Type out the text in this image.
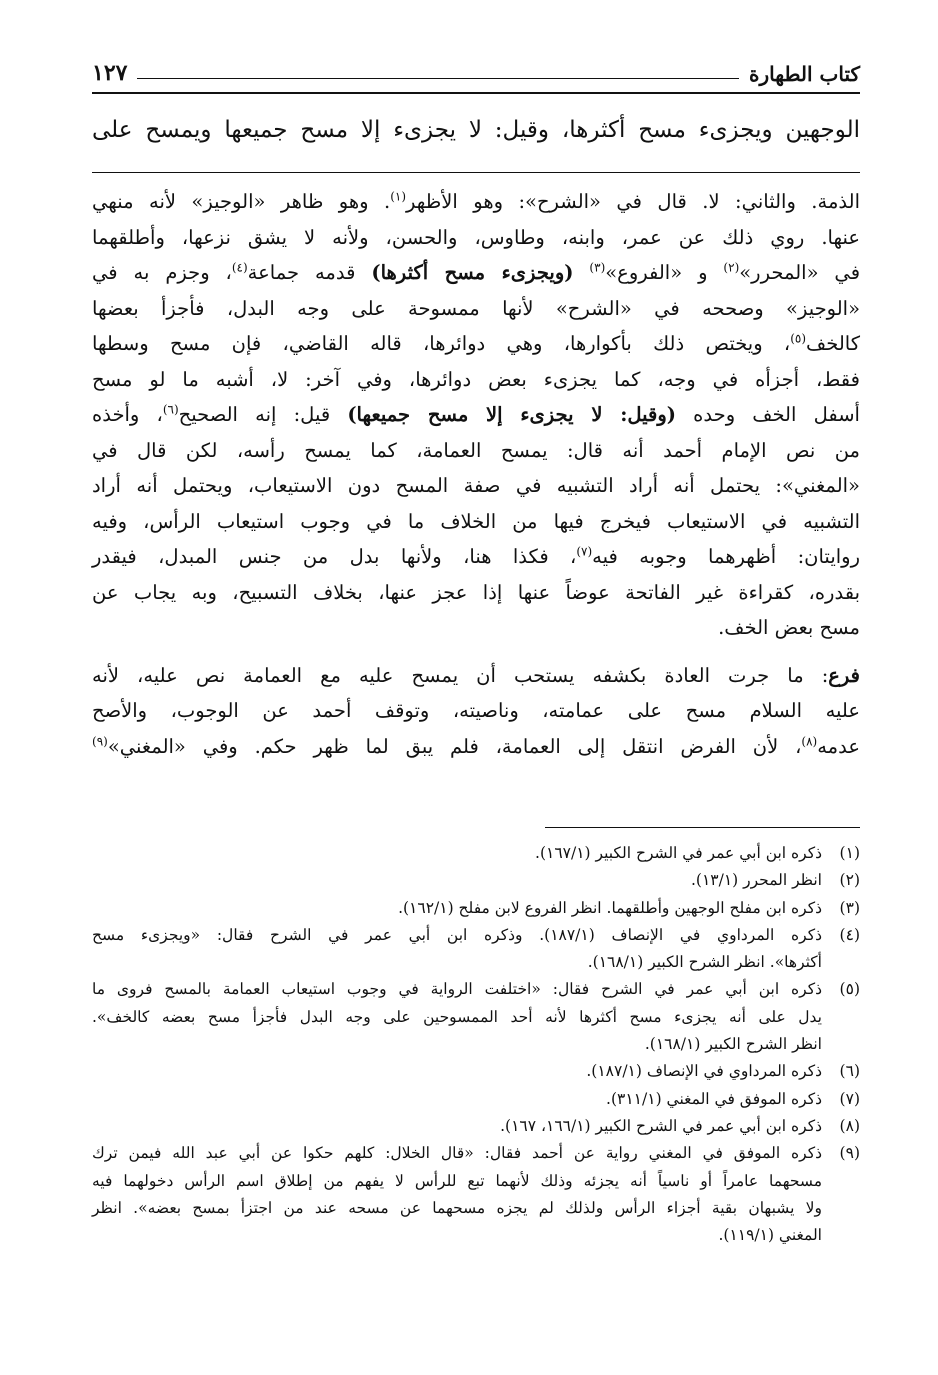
كتاب الطهارة
١٢٧
الوجهين ويجزىء مسح أكثرها، وقيل: لا يجزىء إلا مسح جميعها ويمسح على
الذمة. والثاني: لا. قال في «الشرح»: وهو الأظهر$^{(١)}$. وهو ظاهر «الوجيز» لأنه منهي
عنها. روي ذلك عن عمر، وابنه، وطاوس، والحسن، ولأنه لا يشق نزعها، وأطلقهما
في «المحرر»$^{(٢)}$ و «الفروع»$^{(٣)}$ (ويجزىء مسح أكثرها) قدمه جماعة$^{(٤)}$، وجزم به في
«الوجيز» وصححه في «الشرح» لأنها ممسوحة على وجه البدل، فأجزأ بعضها
كالخف$^{(٥)}$، ويختص ذلك بأكوارها، وهي دوائرها، قاله القاضي، فإن مسح وسطها
فقط، أجزأه في وجه، كما يجزىء بعض دوائرها، وفي آخر: لا، أشبه ما لو مسح
أسفل الخف وحده (وقيل: لا يجزىء إلا مسح جميعها) قيل: إنه الصحيح$^{(٦)}$، وأخذه
من نص الإمام أحمد أنه قال: يمسح العمامة، كما يمسح رأسه، لكن قال في
«المغني»: يحتمل أنه أراد التشبيه في صفة المسح دون الاستيعاب، ويحتمل أنه أراد
التشبيه في الاستيعاب فيخرج فيها من الخلاف ما في وجوب استيعاب الرأس، وفيه
روايتان: أظهرهما وجوبه فيه$^{(٧)}$، فكذا هنا، ولأنها بدل من جنس المبدل، فيقدر
بقدره، كقراءة غير الفاتحة عوضاً عنها إذا عجز عنها، بخلاف التسبيح، وبه يجاب عن
مسح بعض الخف.
فرع: ما جرت العادة بكشفه يستحب أن يمسح عليه مع العمامة نص عليه، لأنه
عليه السلام مسح على عمامته، وناصيته، وتوقف أحمد عن الوجوب، والأصح
عدمه$^{(٨)}$، لأن الفرض انتقل إلى العمامة، فلم يبق لما ظهر حكم. وفي «المغني»$^{(٩)}$
(١)
ذكره ابن أبي عمر في الشرح الكبير (١٦٧/١).
(٢)
انظر المحرر (١٣/١).
(٣)
ذكره ابن مفلح الوجهين وأطلقهما. انظر الفروع لابن مفلح (١٦٢/١).
(٤)
ذكره المرداوي في الإنصاف (١٨٧/١). وذكره ابن أبي عمر في الشرح فقال: «ويجزىء مسح
أكثرها». انظر الشرح الكبير (١٦٨/١).
(٥)
ذكره ابن أبي عمر في الشرح فقال: «اختلفت الرواية في وجوب استيعاب العمامة بالمسح فروى ما
يدل على أنه يجزىء مسح أكثرها لأنه أحد الممسوحين على وجه البدل فأجزأ مسح بعضه كالخف».
انظر الشرح الكبير (١٦٨/١).
(٦)
ذكره المرداوي في الإنصاف (١٨٧/١).
(٧)
ذكره الموفق في المغني (٣١١/١).
(٨)
ذكره ابن أبي عمر في الشرح الكبير (١٦٦/١، ١٦٧).
(٩)
ذكره الموفق في المغني رواية عن أحمد فقال: «قال الخلال: كلهم حكوا عن أبي عبد الله فيمن ترك
مسحهما عامراً أو ناسياً أنه يجزئه وذلك لأنهما تبع للرأس لا يفهم من إطلاق اسم الرأس دخولهما فيه
ولا يشبهان بقية أجزاء الرأس ولذلك لم يجزه مسحهما عن مسحه عند من اجتزأ بمسح بعضه». انظر
المغني (١١٩/١).
